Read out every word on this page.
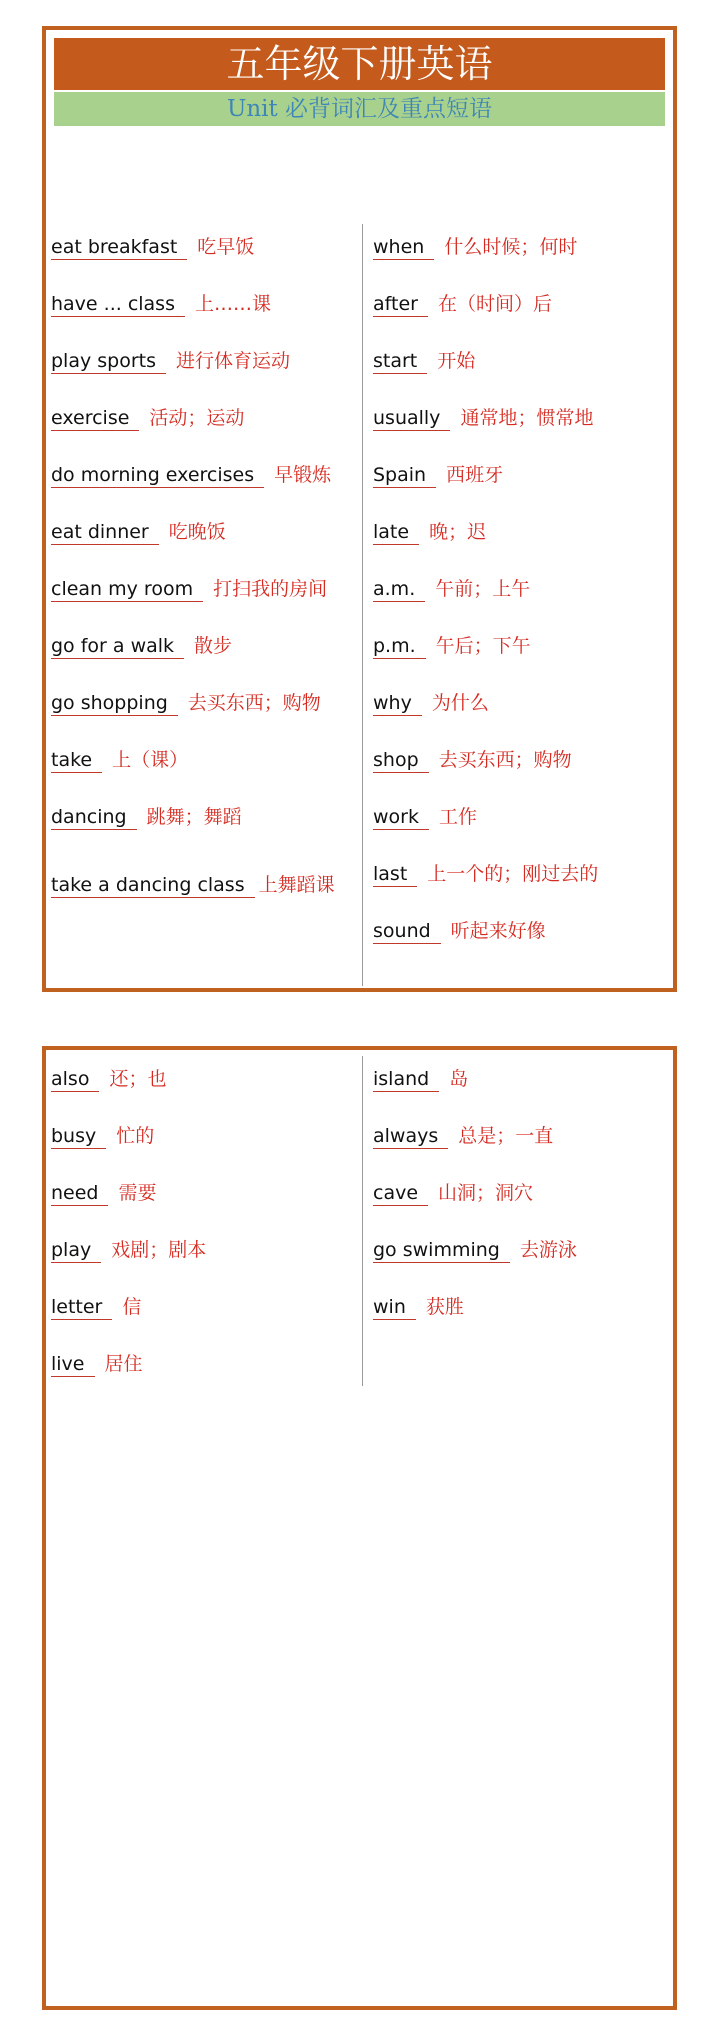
五年级下册英语
Unit 必背词汇及重点短语
eat breakfast 吃早饭
have ... class 上……课
play sports 进行体育运动
exercise 活动；运动
do morning exercises 早锻炼
eat dinner 吃晚饭
clean my room 打扫我的房间
go for a walk 散步
go shopping 去买东西；购物
take 上（课）
dancing 跳舞；舞蹈
take a dancing class 上舞蹈课
when 什么时候；何时
after 在（时间）后
start 开始
usually 通常地；惯常地
Spain 西班牙
late 晚；迟
a.m. 午前；上午
p.m. 午后；下午
why 为什么
shop 去买东西；购物
work 工作
last 上一个的；刚过去的
sound 听起来好像
also 还；也
busy 忙的
need 需要
play 戏剧；剧本
letter 信
live 居住
island 岛
always 总是；一直
cave 山洞；洞穴
go swimming 去游泳
win 获胜
